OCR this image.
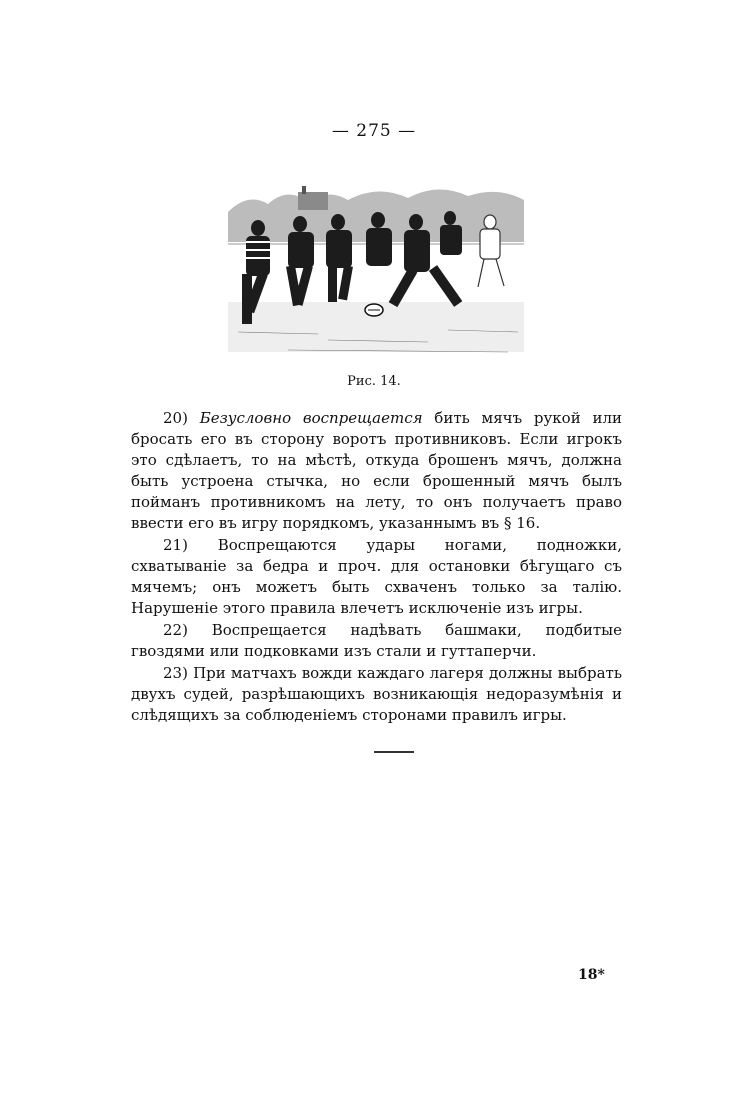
— 275 —
Рис. 14.

20) Безусловно воспрещается бить мячъ рукой или бросать его въ сторону воротъ противниковъ. Если игрокъ это сдѣлаетъ, то на мѣстѣ, откуда брошенъ мячъ, должна быть устроена стычка, но если брошенный мячъ былъ пойманъ противникомъ на лету, то онъ получаетъ право ввести его въ игру порядкомъ, указаннымъ въ § 16.

21) Воспрещаются удары ногами, подножки, схватываніе за бедра и проч. для остановки бѣгущаго съ мячемъ; онъ можетъ быть схваченъ только за талію. Нарушеніе этого правила влечетъ исключеніе изъ игры.

22) Воспрещается надѣвать башмаки, подбитые гвоздями или подковками изъ стали и гуттаперчи.

23) При матчахъ вожди каждаго лагеря должны выбрать двухъ судей, разрѣшающихъ возникающія недоразумѣнія и слѣдящихъ за соблюденіемъ сторонами правилъ игры.

18*
